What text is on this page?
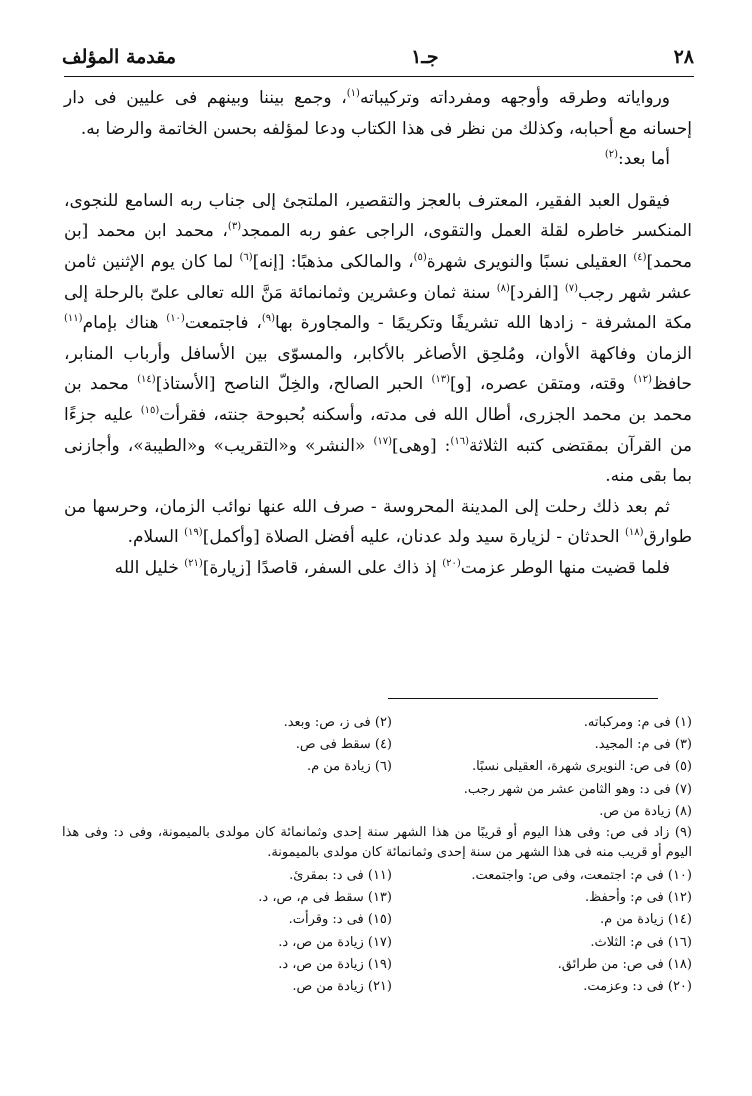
٢٨
جـ١
مقدمة المؤلف

ورواياته وطرقه وأوجهه ومفرداته وتركيباته$^{(١)}$، وجمع بيننا وبينهم فى عليين فى دار إحسانه مع أحبابه، وكذلك من نظر فى هذا الكتاب ودعا لمؤلفه بحسن الخاتمة والرضا به.

أما بعد:$^{(٢)}$

فيقول العبد الفقير، المعترف بالعجز والتقصير، الملتجئ إلى جناب ربه السامع للنجوى، المنكسر خاطره لقلة العمل والتقوى، الراجى عفو ربه الممجد$^{(٣)}$، محمد ابن محمد [بن محمد]$^{(٤)}$ العقيلى نسبًا والنويرى شهرة$^{(٥)}$، والمالكى مذهبًا: [إنه]$^{(٦)}$ لما كان يوم الإثنين ثامن عشر شهر رجب$^{(٧)}$ [الفرد]$^{(٨)}$ سنة ثمان وعشرين وثمانمائة مَنَّ الله تعالى علىّ بالرحلة إلى مكة المشرفة - زادها الله تشريفًا وتكريمًا - والمجاورة بها$^{(٩)}$، فاجتمعت$^{(١٠)}$ هناك بإمام$^{(١١)}$ الزمان وفاكهة الأوان، ومُلحِق الأصاغر بالأكابر، والمسوّى بين الأسافل وأرباب المنابر، حافظ$^{(١٢)}$ وقته، ومتقن عصره، [و]$^{(١٣)}$ الحبر الصالح، والخِلّ الناصح [الأستاذ]$^{(١٤)}$ محمد بن محمد بن محمد الجزرى، أطال الله فى مدته، وأسكنه بُحبوحة جنته، فقرأت$^{(١٥)}$ عليه جزءًا من القرآن بمقتضى كتبه الثلاثة$^{(١٦)}$: [وهى]$^{(١٧)}$ «النشر» و«التقريب» و«الطيبة»، وأجازنى بما بقى منه.

ثم بعد ذلك رحلت إلى المدينة المحروسة - صرف الله عنها نوائب الزمان، وحرسها من طوارق$^{(١٨)}$ الحدثان - لزيارة سيد ولد عدنان، عليه أفضل الصلاة [وأكمل]$^{(١٩)}$ السلام.

فلما قضيت منها الوطر عزمت$^{(٢٠)}$ إذ ذاك على السفر، قاصدًا [زيارة]$^{(٢١)}$ خليل الله

(١) فى م: ومركباته.
(٢) فى ز، ص: وبعد.
(٣) فى م: المجيد.
(٤) سقط فى ص.
(٥) فى ص: النويرى شهرة، العقيلى نسبًا.
(٦) زيادة من م.
(٧) فى د: وهو الثامن عشر من شهر رجب.
(٨) زيادة من ص.
(٩) زاد فى ص: وفى هذا اليوم أو قريبًا من هذا الشهر سنة إحدى وثمانمائة كان مولدى بالميمونة، وفى د: وفى هذا اليوم أو قريب منه فى هذا الشهر من سنة إحدى وثمانمائة كان مولدى بالميمونة.
(١٠) فى م: اجتمعت، وفى ص: واجتمعت.
(١١) فى د: بمقرئ.
(١٢) فى م: وأحفظ.
(١٣) سقط فى م، ص، د.
(١٤) زيادة من م.
(١٥) فى د: وقرأت.
(١٦) فى م: الثلاث.
(١٧) زيادة من ص، د.
(١٨) فى ص: من طرائق.
(١٩) زيادة من ص، د.
(٢٠) فى د: وعزمت.
(٢١) زيادة من ص.
